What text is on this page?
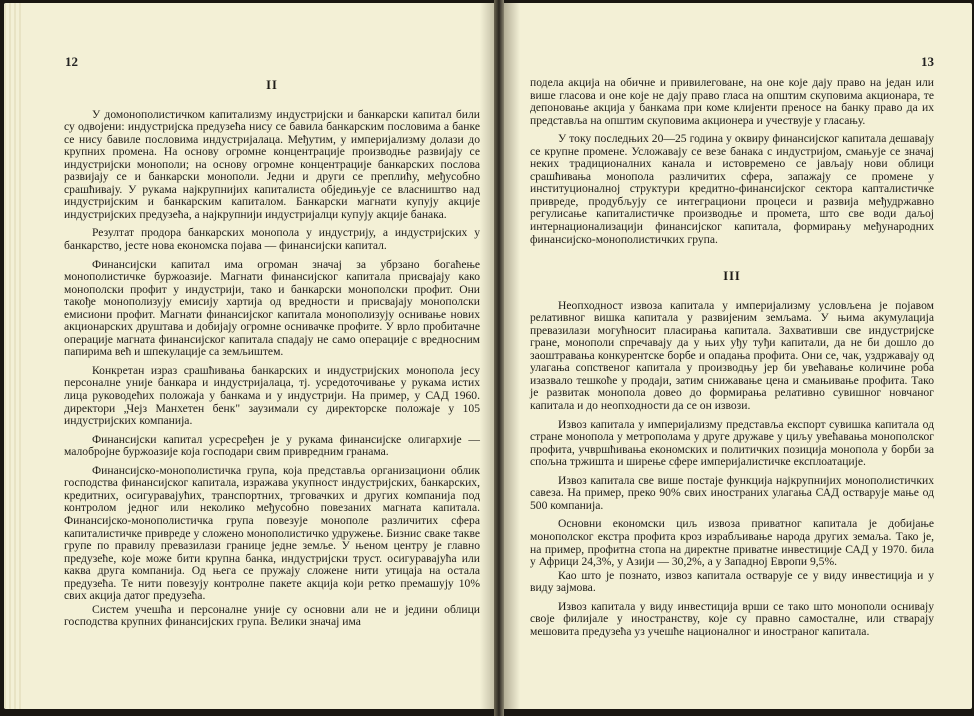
12
II

У домонополистичком капитализму индустријски и банкарски капитал били су одвојени: индустријска предузећа нису се бавила банкарским пословима а банке се нису бавиле пословима индустријалаца. Међутим, у империјализму долази до крупних промена. На основу огромне концентрације производње развијају се индустријски монополи; на основу огромне концентрације банкарских послова развијају се и банкарски монополи. Једни и други се преплићу, међусобно срашћивају. У рукама најкрупнијих капиталиста обједињује се власништво над индустријским и банкарским капиталом. Банкарски магнати купују акције индустријских предузећа, а најкрупнији индустријалци купују акције банака.

Резултат продора банкарских монопола у индустрију, а индустријских у банкарство, јесте нова економска појава — финансијски капитал.

Финансијски капитал има огроман значај за убрзано богаћење монополистичке буржоазије. Магнати финансијског капитала присвајају како монополски профит у индустрији, тако и банкарски монополски профит. Они такође монополизују емисију хартија од вредности и присвајају монополски емисиони профит. Магнати финансијског капитала монополизују оснивање нових акционарских друштава и добијају огромне оснивачке профите. У врло пробитачне операције магната финансијског капитала спадају не само операције с вредносним папирима већ и шпекулације са земљиштем.

Конкретан израз срашћивања банкарских и индустријских монопола јесу персоналне уније банкара и индустријалаца, тј. усредоточивање у рукама истих лица руководећих положаја у банкама и у индустрији. На пример, у САД 1960. директори „Чејз Манхетен бенк" заузимали су директорске положаје у 105 индустријских компанија.

Финансијски капитал усресређен је у рукама финансијске олигархије — малобројне буржоазије која господари свим привредним гранама.

Финансијско-монополистичка група, која представља организациони облик господства финансијског капитала, изражава укупност индустријских, банкарских, кредитних, осигуравајућих, транспортних, трговачких и других компанија под контролом једног или неколико међусобно повезаних магната капитала. Финансијско-монополистичка група повезује монополе различитих сфера капиталистичке привреде у сложено монополистичко удружење. Бизнис сваке такве групе по правилу превазилази границе једне земље. У њеном центру је главно предузеће, које може бити крупна банка, индустријски труст. осигуравајућа или каква друга компанија. Од њега се пружају сложене нити утицаја на остала предузећа. Те нити повезују контролне пакете акција који ретко премашују 10% свих акција датог предузећа.

Систем учешћа и персоналне уније су основни али не и једини облици господства крупних финансијских група. Велики значај има

13

подела акција на обичне и привилеговане, на оне које дају право на један или више гласова и оне које не дају право гласа на општим скуповима акционара, те депоновање акција у банкама при коме клијенти преносе на банку право да их представља на општим скуповима акционера и учествује у гласању.

У току последњих 20—25 година у оквиру финансијског капитала дешавају се крупне промене. Усложавају се везе банака с индустријом, смањује се значај неких традиционалних канала и истовремено се јављају нови облици срашћивања монопола различитих сфера, запажају се промене у институционалној структури кредитно-финансијског сектора капталистичке привреде, продубљују се интеграциони процеси и развија међудржавно регулисање капиталистичке производње и промета, што све води даљој интернационализацији финансијског капитала, формирању међународних финансијско-монополистичких група.

III

Неопходност извоза капитала у империјализму условљена је појавом релативног вишка капитала у развијеним земљама. У њима акумулација превазилази могућносит пласирања капитала. Захвативши све индустријске гране, монополи спречавају да у њих уђу туђи капитали, да не би дошло до заоштравања конкурентске борбе и опадања профита. Они се, чак, уздржавају од улагања сопственог капитала у производњу јер би увећавање количине роба изазвало тешкоће у продаји, затим снижавање цена и смањивање профита. Тако је развитак монопола довео до формирања релативно сувишног новчаног капитала и до неопходности да се он извози.

Извоз капитала у империјализму представља експорт сувишка капитала од стране монопола у метрополама у друге дружаве у циљу увећавања монополског профита, учвршћивања економских и политичких позиција монопола у борби за спољна тржишта и ширење сфере империјалистичке експлоатације.

Извоз капитала све више постаје функција најкрупнијих монополистичких савеза. На пример, преко 90% свих иностраних улагања САД остварује мање од 500 компанија.

Основни економски циљ извоза приватног капитала је добијање монополског екстра профита кроз израбљивање народа других земаља. Тако је, на пример, профитна стопа на директне приватне инвестиције САД у 1970. била у Африци 24,3%, у Азији — 30,2%, а у Западној Европи 9,5%.

Као што је познато, извоз капитала остварује се у виду инвестиција и у виду зајмова.

Извоз капитала у виду инвестиција врши се тако што монополи оснивају своје филијале у иностранству, које су правно самосталне, или стварају мешовита предузећа уз учешће националног и иностраног капитала.
